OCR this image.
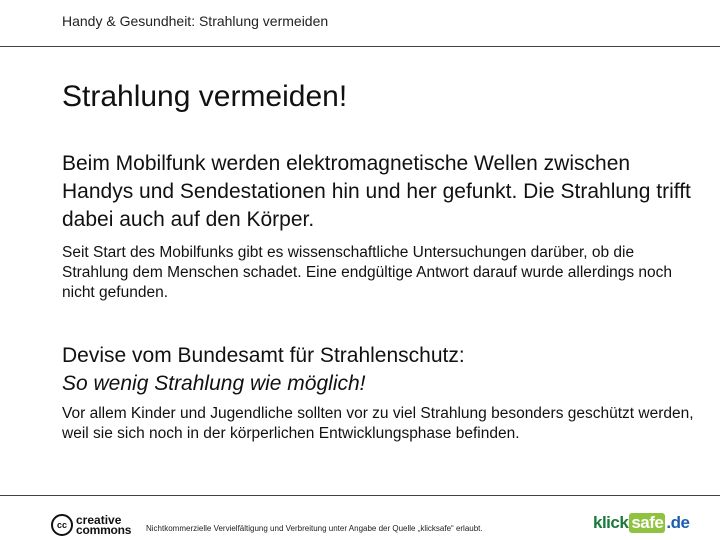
Handy & Gesundheit: Strahlung vermeiden
Strahlung vermeiden!
Beim Mobilfunk werden elektromagnetische Wellen zwischen Handys und Sendestationen hin und her gefunkt. Die Strahlung trifft dabei auch auf den Körper.
Seit Start des Mobilfunks gibt es wissenschaftliche Untersuchungen darüber, ob die Strahlung dem Menschen schadet. Eine endgültige Antwort darauf wurde allerdings noch nicht gefunden.
Devise vom Bundesamt für Strahlenschutz:
So wenig Strahlung wie möglich!
Vor allem Kinder und Jugendliche sollten vor zu viel Strahlung besonders geschützt werden, weil sie sich noch in der körperlichen Entwicklungsphase befinden.
cc creative
commons Nichtkommerzielle Vervielfältigung und Verbreitung unter Angabe der Quelle „klicksafe“ erlaubt.	klick safe .de
